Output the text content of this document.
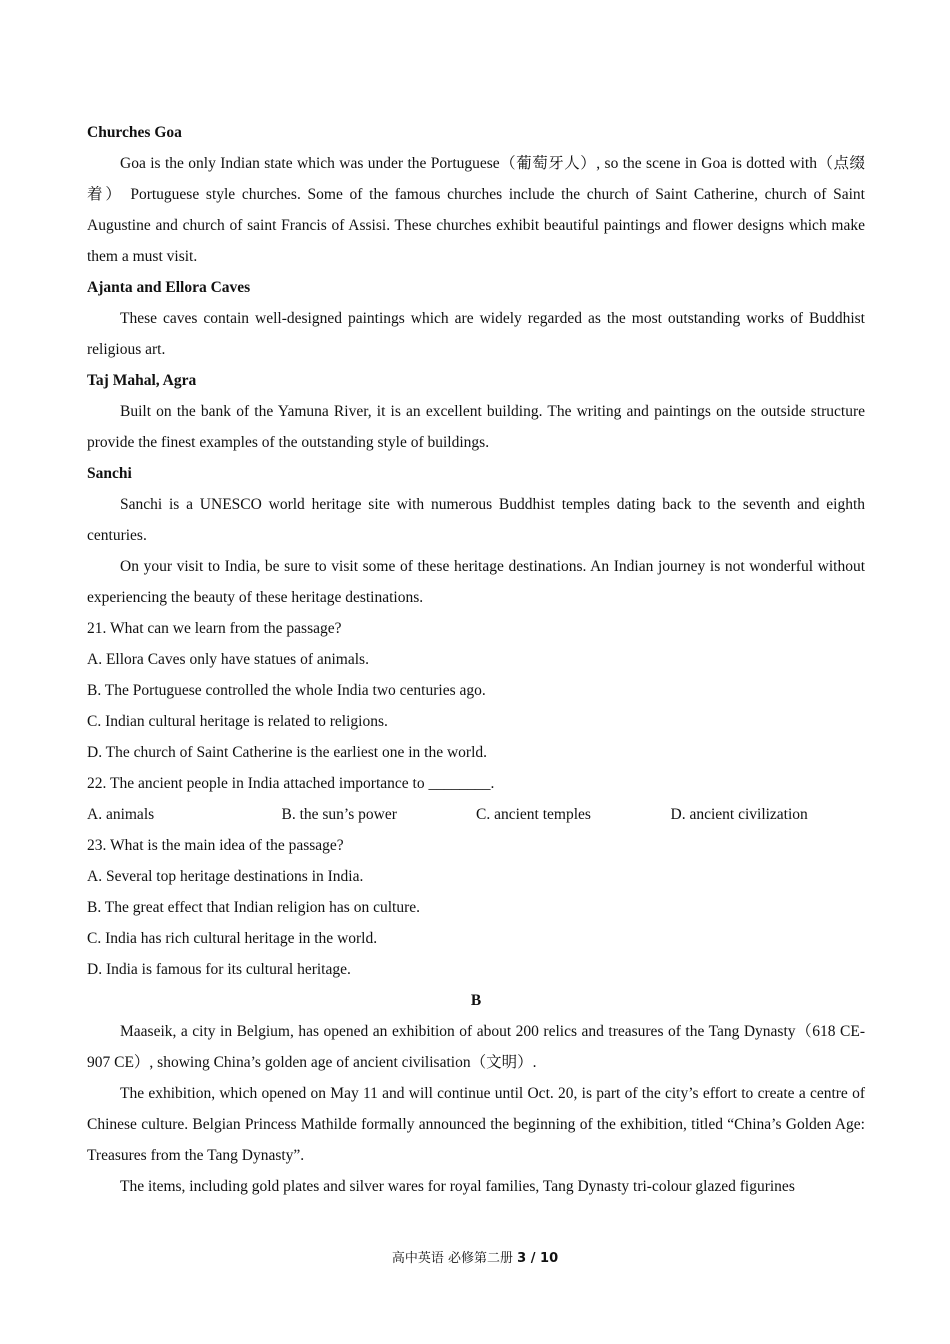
Churches Goa

Goa is the only Indian state which was under the Portuguese（葡萄牙人）, so the scene in Goa is dotted with（点缀着） Portuguese style churches. Some of the famous churches include the church of Saint Catherine, church of Saint Augustine and church of saint Francis of Assisi. These churches exhibit beautiful paintings and flower designs which make them a must visit.

Ajanta and Ellora Caves

These caves contain well-designed paintings which are widely regarded as the most outstanding works of Buddhist religious art.

Taj Mahal, Agra

Built on the bank of the Yamuna River, it is an excellent building. The writing and paintings on the outside structure provide the finest examples of the outstanding style of buildings.

Sanchi

Sanchi is a UNESCO world heritage site with numerous Buddhist temples dating back to the seventh and eighth centuries.

On your visit to India, be sure to visit some of these heritage destinations. An Indian journey is not wonderful without experiencing the beauty of these heritage destinations.

21. What can we learn from the passage?
A. Ellora Caves only have statues of animals.
B. The Portuguese controlled the whole India two centuries ago.
C. Indian cultural heritage is related to religions.
D. The church of Saint Catherine is the earliest one in the world.
22. The ancient people in India attached importance to ________.
A. animals	B. the sun’s power	C. ancient temples	D. ancient civilization
23. What is the main idea of the passage?
A. Several top heritage destinations in India.
B. The great effect that Indian religion has on culture.
C. India has rich cultural heritage in the world.
D. India is famous for its cultural heritage.
B

Maaseik, a city in Belgium, has opened an exhibition of about 200 relics and treasures of the Tang Dynasty（618 CE-907 CE）, showing China’s golden age of ancient civilisation（文明）.

The exhibition, which opened on May 11 and will continue until Oct. 20, is part of the city’s effort to create a centre of Chinese culture. Belgian Princess Mathilde formally announced the beginning of the exhibition, titled “China’s Golden Age: Treasures from the Tang Dynasty”.

The items, including gold plates and silver wares for royal families, Tang Dynasty tri-colour glazed figurines

高中英语 必修第二册 3 / 10
